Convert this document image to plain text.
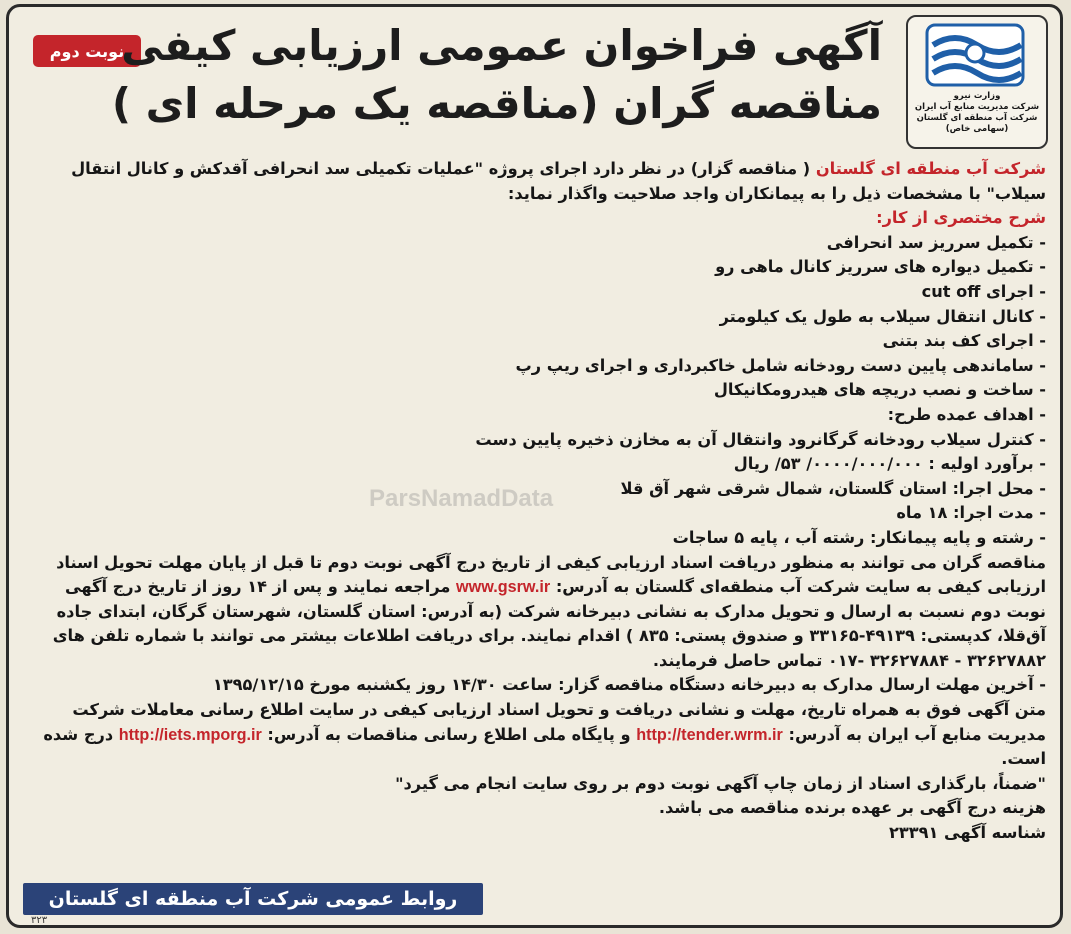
وزارت نیرو
شرکت مدیریت منابع آب ایران
شرکت آب منطقه ای گلستان
(سهامی خاص)
نوبت دوم
آگهی فراخوان عمومی ارزیابی کیفی
مناقصه گران (مناقصه یک مرحله ای )
ParsNamadData

شرکت آب منطقه ای گلستان ( مناقصه گزار) در نظر دارد اجرای پروژه "عملیات تکمیلی سد انحرافی آقدکش و کانال انتقال سیلاب" با مشخصات ذیل را به پیمانکاران واجد صلاحیت واگذار نماید:

شرح مختصری از کار:

- تکمیل سرریز سد انحرافی
- تکمیل دیواره های سرریز کانال ماهی رو
- اجرای cut off
- کانال انتقال سیلاب به طول یک کیلومتر
- اجرای کف بند بتنی
- ساماندهی پایین دست رودخانه شامل خاکبرداری و اجرای ریپ رپ
- ساخت و نصب دریچه های هیدرومکانیکال
- اهداف عمده طرح:
- کنترل سیلاب رودخانه گرگانرود وانتقال آن به مخازن ذخیره پایین دست
- برآورد اولیه : ۰۰۰۰/۰۰۰/۰۰۰/ ۵۳/ ریال
- محل اجرا: استان گلستان، شمال شرقی شهر آق قلا
- مدت اجرا: ۱۸ ماه
- رشته و پایه پیمانکار: رشته آب ، پایه ۵ ساجات

مناقصه گران می توانند به منظور دریافت اسناد ارزیابی کیفی از تاریخ درج آگهی نوبت دوم تا قبل از پایان مهلت تحویل اسناد ارزیابی کیفی به سایت شرکت آب منطقه‌ای گلستان به آدرس: www.gsrw.ir مراجعه نمایند و پس از ۱۴ روز از تاریخ درج آگهی نوبت دوم نسبت به ارسال و تحویل مدارک به نشانی دبیرخانه شرکت (به آدرس: استان گلستان، شهرستان گرگان، ابتدای جاده آق‌قلا، کدپستی: ۴۹۱۳۹-۳۳۱۶۵ و صندوق پستی: ۸۳۵ ) اقدام نمایند. برای دریافت اطلاعات بیشتر می توانند با شماره تلفن های ۳۲۶۲۷۸۸۲ - ۳۲۶۲۷۸۸۴ -۰۱۷ تماس حاصل فرمایند.

- آخرین مهلت ارسال مدارک به دبیرخانه دستگاه مناقصه گزار: ساعت ۱۴/۳۰ روز یکشنبه مورخ ۱۳۹۵/۱۲/۱۵

متن آگهی فوق به همراه تاریخ، مهلت و نشانی دریافت و تحویل اسناد ارزیابی کیفی در سایت اطلاع رسانی معاملات شرکت مدیریت منابع آب ایران به آدرس: http://tender.wrm.ir و پایگاه ملی اطلاع رسانی مناقصات به آدرس: http://iets.mporg.ir درج شده است.

"ضمناً، بارگذاری اسناد از زمان چاپ آگهی نوبت دوم بر روی سایت انجام می گیرد"

هزینه درج آگهی بر عهده برنده مناقصه می باشد.

شناسه آگهی ۲۳۳۹۱

روابط عمومی شرکت آب منطقه ای گلستان
۳۲۳
